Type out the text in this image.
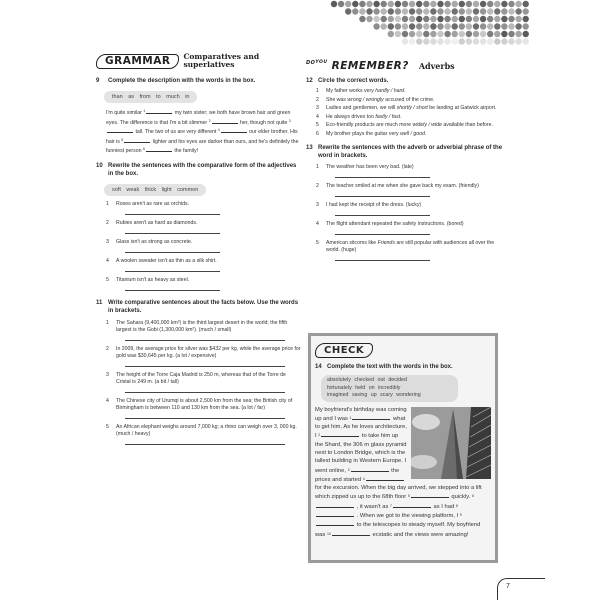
GRAMMAR	Comparatives and
superlatives
9	Complete the description with the words in the box.
than as from to much in
I'm quite similar $^1$	my twin sister; we both have brown hair and green eyes. The difference is that I'm a bit slimmer $^2$	her, though not quite $^3$ tall. The two of us are very different $^4$	our elder brother. His hair is $^5$	lighter and his eyes are darker than ours, and he's definitely the funniest person $^6$	the family!
10 Rewrite the sentences with the comparative form of the adjectives in the box.
soft weak thick light common
1	Roses aren't as rare as orchids.
2	Rubies aren't as hard as diamonds.
3	Glass isn't as strong as concrete.
4	A woolen sweater isn't as thin as a silk shirt.
5	Titanium isn't as heavy as steel.
11 Write comparative sentences about the facts below. Use the words in brackets.
1	The Sahara (9,400,000 km²) is the third largest desert in the world; the fifth largest is the Gobi (1,300,000 km²). (much / small)
2	In 2009, the average price for silver was $432 per kg, while the average price for gold was $30,645 per kg. (a lot / expensive)
3	The height of the Torre Caja Madrid is 250 m, whereas that of the Torre de Cristal is 249 m. (a bit / tall)
4	The Chinese city of Urumqi is about 2,500 km from the sea; the British city of Birmingham is between 110 and 130 km from the sea. (a lot / far)
5	An African elephant weighs around 7,000 kg; a rhino can weigh over 3, 000 kg. (much / heavy)
$^{DOYOU}$ REMEMBER? Adverbs
12 Circle the correct words.
1	My father works very hardly / hard.
2	She was wrong / wrongly accused of the crime.
3	Ladies and gentlemen, we will shortly / short be landing at Gatwick airport.
4	He always drives too fastly / fast.
5	Eco-friendly products are much more widely / wide available than before.
6	My brother plays the guitar very well / good.
13 Rewrite the sentences with the adverb or adverbial phrase of the word in brackets.
1	The weather has been very bad. (late)
2	The teacher smiled at me when she gave back my exam. (friendly)
3	I had kept the receipt of the dress. (lucky)
4	The flight attendant repeated the safety instructions. (bored)
5	American sitcoms like Friends are still popular with audiences all over the world. (huge)
CHECK
14 Complete the text with the words in the box.
absolutely checked out decided
fortunately held on incredibly
imagined saving up scary wondering
My boyfriend's birthday was coming up and I was $^1$	what to get him. As he loves architecture, I $^2$	to take him up the Shard, the 306 m glass pyramid next to London Bridge, which is the tallest building in Western Europe. I went online, $^3$	the prices and started $^4$ for the excursion. When the big day arrived, we stepped into a lift which zipped us up to the 68th floor $^5$	quickly. $^6$ , it wasn't as $^7$	as I had $^8$ . When we got to the viewing platform, I $^9$ to the telescopes to steady myself. My boyfriend was $^{10}$	ecstatic and the views were amazing!
7
